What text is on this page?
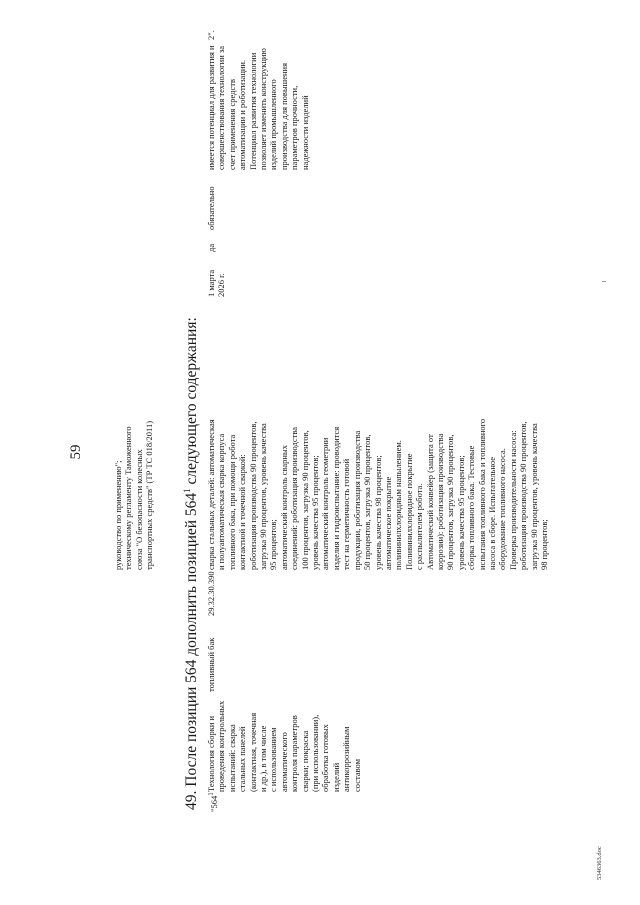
59
руководство по применению";
техническому регламенту Таможенного
союза "О безопасности колесных
транспортных средств" (ТР ТС 018/2011)
49. После позиции 564 дополнить позицией $564^1$ следующего содержания:
"$564^1$
Технология сборки и
проведения контрольных
испытаний: сварка
стальных панелей
(контактная, точечная
и др.), в том числе
с использованием
автоматического
контроля параметров
сварки; покраска
(при использовании),
обработка готовых
изделий
антикоррозийным
составом
топливный бак
29.32.30.390
сварка стальных деталей: автоматическая
и полуавтоматическая сварка корпуса
топливного бака, при помощи робота
контактной и точечной сваркой:
роботизация производства 90 процентов,
загрузка 90 процентов, уровень качества
95 процентов;
автоматический контроль сварных
соединений: роботизация производства
100 процентов, загрузка 90 процентов,
уровень качества 95 процентов;
автоматический контроль геометрии
изделия и гидроиспытание: проводится
тест на герметичность готовой
продукции, роботизация производства
50 процентов, загрузка 90 процентов,
уровень качества 98 процентов;
автоматическое покрытие
поливинилхлоридным напылением.
Поливинилхлоридное покрытие
с распылителем робота.
Автоматический конвейер (защита от
коррозии): роботизация производства
90 процентов, загрузка 90 процентов,
уровень качества 95 процентов;
сборка топливного бака. Тестовые
испытания топливного бака и топливного
насоса в сборе. Испытательное
оборудование топливного насоса.
Проверка производительности насоса:
роботизация производства 90 процентов,
загрузка 90 процентов, уровень качества
98 процентов;
1 марта
2026 г.
да
обязательно
имеется потенциал для развития и
совершенствования технологии за
счет применения средств
автоматизации и роботизации.
Потенциал развития технологии
позволяет изменить конструкцию
изделий промышленного
производства для повышения
параметров прочности,
надежности изделий
2".
5346363.doc
